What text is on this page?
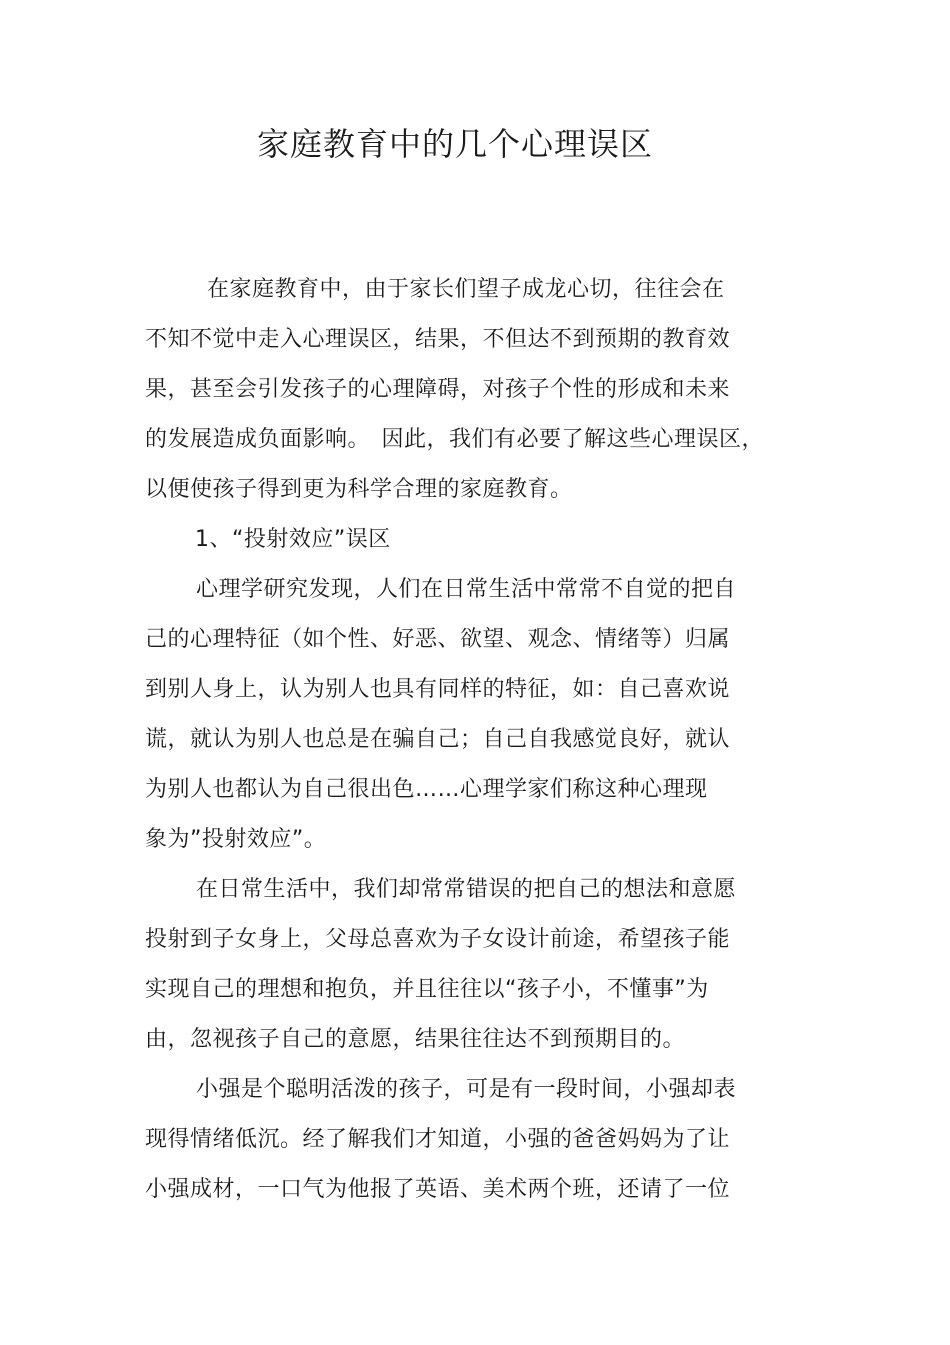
家庭教育中的几个心理误区
在家庭教育中，由于家长们望子成龙心切，往往会在
不知不觉中走入心理误区，结果，不但达不到预期的教育效
果，甚至会引发孩子的心理障碍，对孩子个性的形成和未来
的发展造成负面影响。　因此，我们有必要了解这些心理误区，
以便使孩子得到更为科学合理的家庭教育。
1、“投射效应”误区
心理学研究发现，人们在日常生活中常常不自觉的把自
己的心理特征（如个性、好恶、欲望、观念、情绪等）归属
到别人身上，认为别人也具有同样的特征，如：自己喜欢说
谎，就认为别人也总是在骗自己；自己自我感觉良好，就认
为别人也都认为自己很出色……心理学家们称这种心理现
象为”投射效应”。
在日常生活中，我们却常常错误的把自己的想法和意愿
投射到子女身上，父母总喜欢为子女设计前途，希望孩子能
实现自己的理想和抱负，并且往往以“孩子小，不懂事”为
由，忽视孩子自己的意愿，结果往往达不到预期目的。
小强是个聪明活泼的孩子，可是有一段时间，小强却表
现得情绪低沉。经了解我们才知道，小强的爸爸妈妈为了让
小强成材，一口气为他报了英语、美术两个班，还请了一位
